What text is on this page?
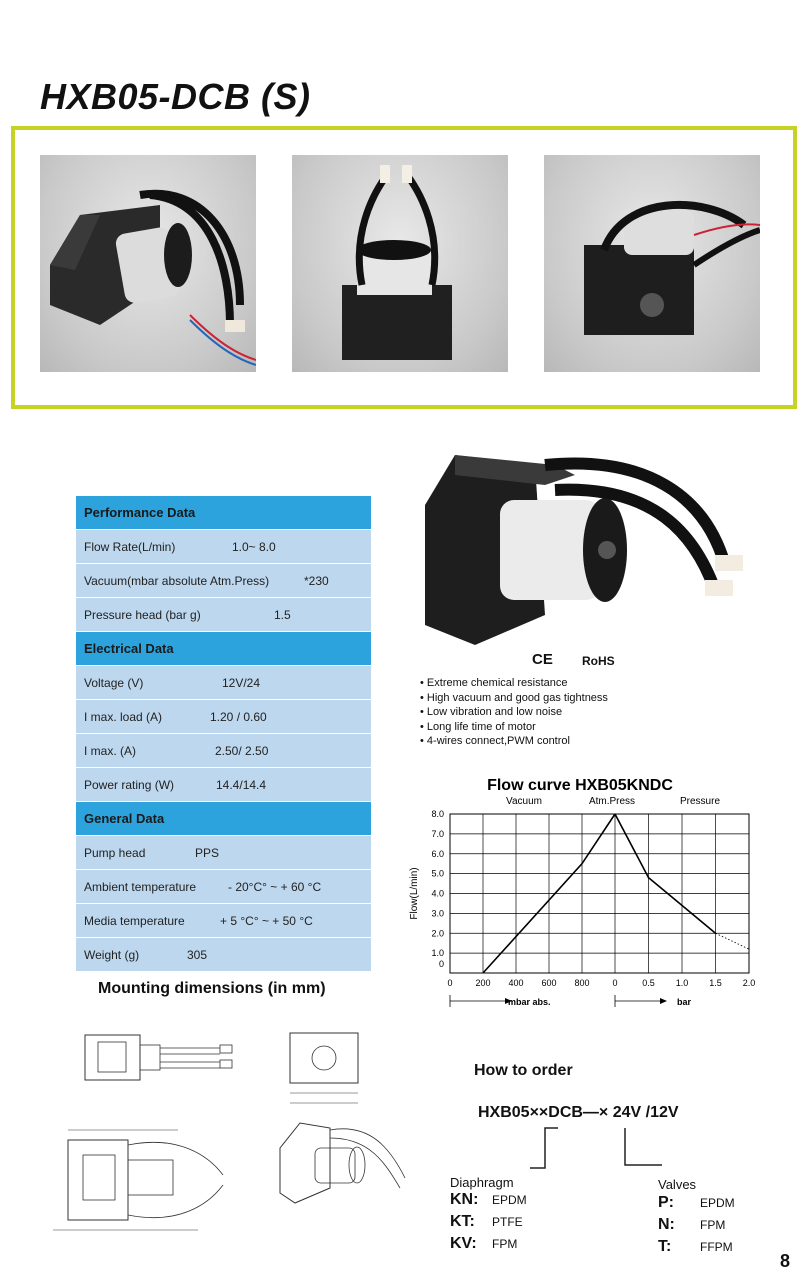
HXB05-DCB (S)
Performance Data
Flow Rate(L/min)	1.0~ 8.0
Vacuum(mbar absolute Atm.Press)	*230
Pressure head (bar g)	1.5
Electrical Data
Voltage (V)	12V/24
I max. load (A)	1.20 / 0.60
I max. (A)	2.50/ 2.50
Power rating (W)	14.4/14.4
General Data
Pump head	PPS
Ambient temperature	- 20°C° ~ + 60 °C
Media temperature	+ 5 °C° ~ + 50 °C
Weight (g)	305
CE RoHS
• Extreme chemical resistance
• High vacuum and good gas tightness
• Low vibration and low noise
• Long life time of motor
• 4-wires connect,PWM control
Flow curve HXB05KNDC
Vacuum	Atm.Press	Pressure
8.0
7.0
6.0
5.0
4.0
3.0
2.0
1.0
0
0	200 400 600 800	0	0.5 1.0 1.5 2.0
Flow(L/min)
mbar abs.	bar
Mounting dimensions (in mm)
How to order
HXB05××DCB—× 24V /12V
Diaphragm
KN:	EPDM
KT:	PTFE
KV:	FPM
Valves
P:	EPDM
N:	FPM
T:	FFPM
8
